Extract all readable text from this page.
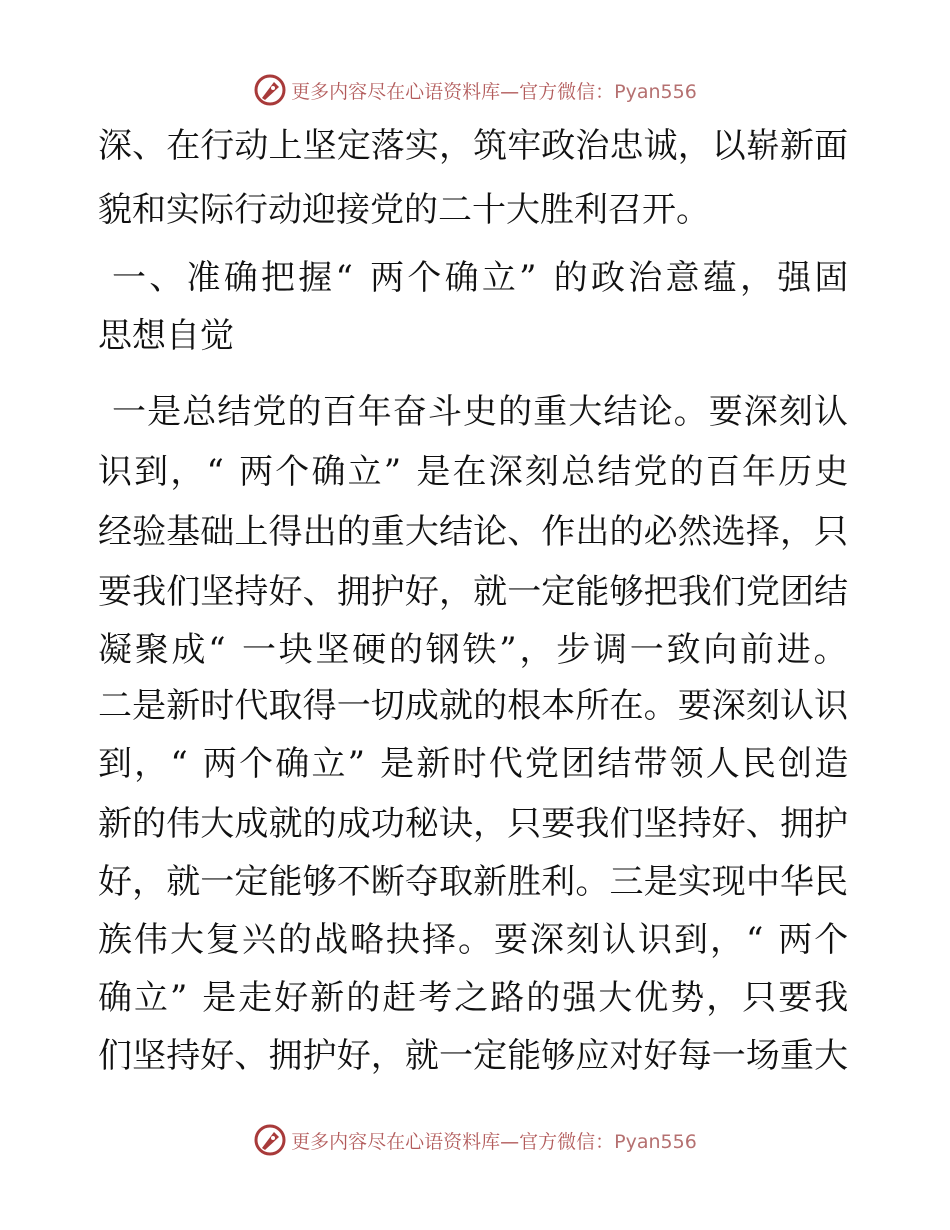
更多内容尽在心语资料库—官方微信：Pyan556
深、在行动上坚定落实，筑牢政治忠诚，以崭新面
貌和实际行动迎接党的二十大胜利召开。
一、准确把握“ 两个确立” 的政治意蕴，强固
思想自觉
一是总结党的百年奋斗史的重大结论。要深刻认
识到，“ 两个确立” 是在深刻总结党的百年历史
经验基础上得出的重大结论、作出的必然选择，只
要我们坚持好、拥护好，就一定能够把我们党团结
凝聚成“ 一块坚硬的钢铁”，步调一致向前进。
二是新时代取得一切成就的根本所在。要深刻认识
到，“ 两个确立” 是新时代党团结带领人民创造
新的伟大成就的成功秘诀，只要我们坚持好、拥护
好，就一定能够不断夺取新胜利。三是实现中华民
族伟大复兴的战略抉择。要深刻认识到，“ 两个
确立” 是走好新的赶考之路的强大优势，只要我
们坚持好、拥护好，就一定能够应对好每一场重大
更多内容尽在心语资料库—官方微信：Pyan556
